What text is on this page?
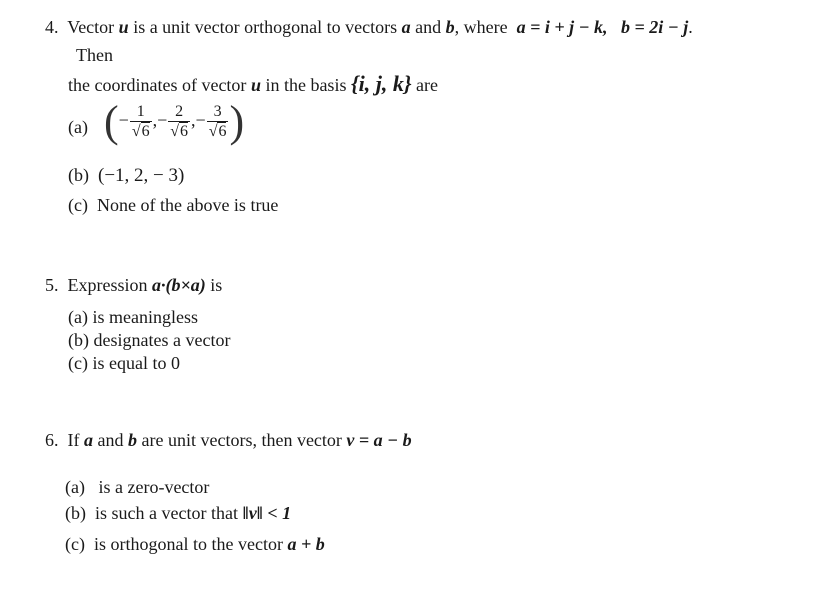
4. Vector u is a unit vector orthogonal to vectors a and b, where a = i + j − k, b = 2i − j.
Then
the coordinates of vector u in the basis {i, j, k} are
(a) (− $\frac{1}{√6}$ ,− $\frac{2}{√6}$ ,− $\frac{3}{√6}$ )
(b) (−1, 2, − 3)
(c) None of the above is true
5. Expression a·(b×a) is
(a) is meaningless
(b) designates a vector
(c) is equal to 0
6. If a and b are unit vectors, then vector v = a − b
(a) is a zero-vector
(b) is such a vector that ‖v‖ < 1
(c) is orthogonal to the vector a + b
